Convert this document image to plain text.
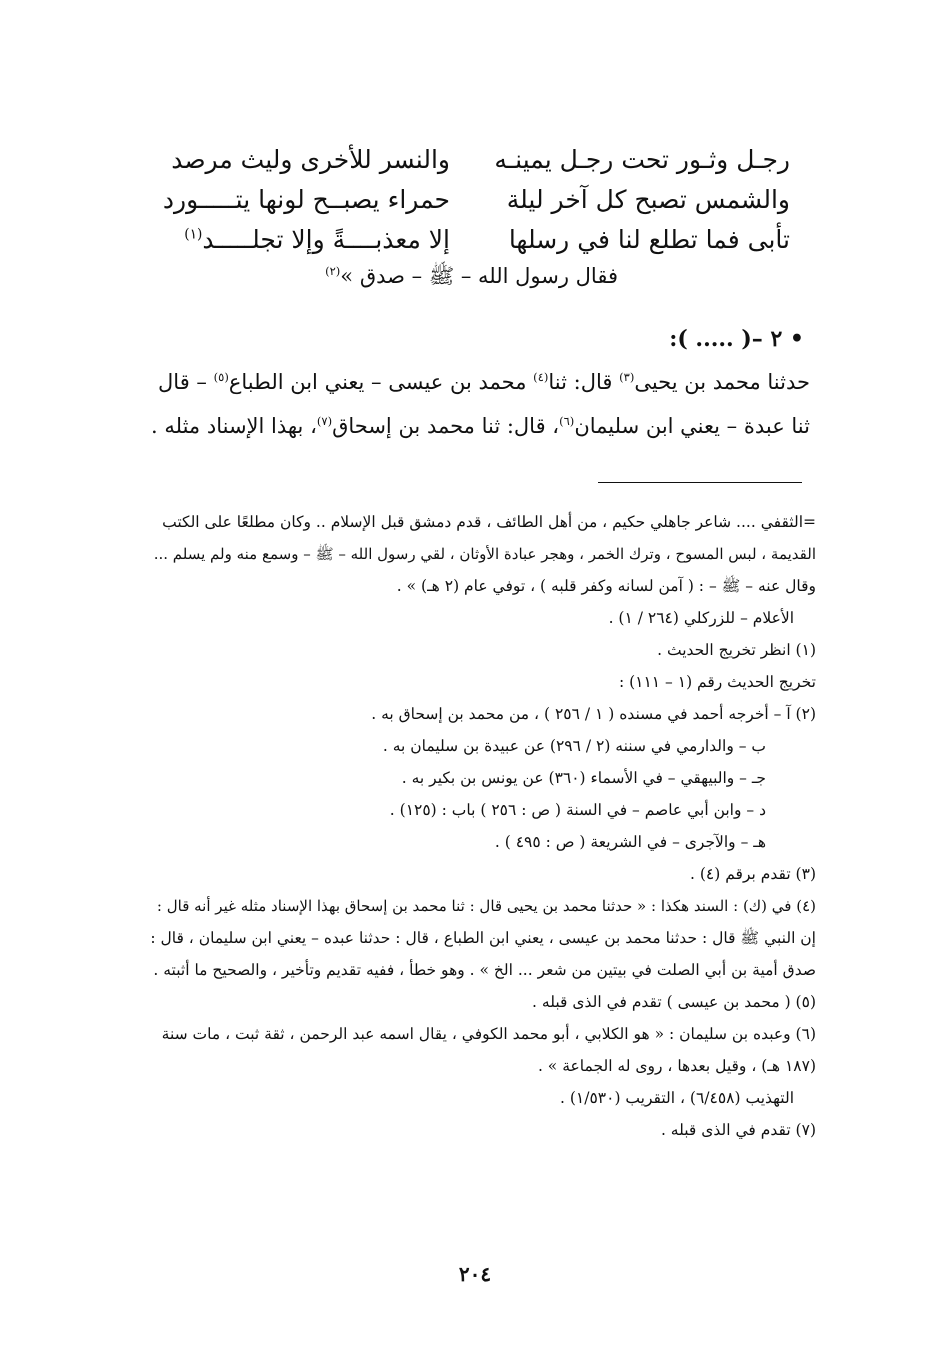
رجـل وثـور تحت رجـل يمينـه
والنسر للأخرى وليث مرصد
والشمس تصبح كل آخر ليلة
حمراء يصبــح لونها يتـــــورد
تأبى فما تطلع لنا في رسلها
إلا معذبــــةً وإلا تجلـــــد$^{(١)}$
فقال رسول الله – ﷺ – صدق »$^{(٢)}$
• ٢ –( ..... ):
حدثنا محمد بن يحيى$^{(٣)}$ قال: ثنا$^{(٤)}$ محمد بن عيسى – يعني ابن الطباع$^{(٥)}$ – قال
ثنا عبدة – يعني ابن سليمان$^{(٦)}$، قال: ثنا محمد بن إسحاق$^{(٧)}$، بهذا الإسناد مثله .
=الثقفي .... شاعر جاهلي حكيم ، من أهل الطائف ، قدم دمشق قبل الإسلام .. وكان مطلعًا على الكتب
القديمة ، لبس المسوح ، وترك الخمر ، وهجر عبادة الأوثان ، لقي رسول الله – ﷺ – وسمع منه ولم يسلم ...
وقال عنه – ﷺ – : ( آمن لسانه وكفر قلبه ) ، توفي عام (٢ هـ) » .
الأعلام – للزركلي (٢٦٤ / ١) .
(١) انظر تخريج الحديث .
تخريج الحديث رقم (١ – ١١١) :
(٢) آ – أخرجه أحمد في مسنده ( ١ / ٢٥٦ ) ، من محمد بن إسحاق به .
ب – والدارمي في سننه (٢ / ٢٩٦) عن عبيدة بن سليمان به .
جـ – والبيهقي – في الأسماء (٣٦٠) عن يونس بن بكير به .
د – وابن أبي عاصم – في السنة ( ص : ٢٥٦ ) باب : (١٢٥) .
هـ – والآجرى – في الشريعة ( ص : ٤٩٥ ) .
(٣) تقدم برقم (٤) .
(٤) في (ك) : السند هكذا : « حدثنا محمد بن يحيى قال : ثنا محمد بن إسحاق بهذا الإسناد مثله غير أنه قال :
إن النبي ﷺ قال : حدثنا محمد بن عيسى ، يعني ابن الطباع ، قال : حدثنا عبده – يعني ابن سليمان ، قال :
صدق أمية بن أبي الصلت في بيتين من شعر ... الخ » . وهو خطأ ، ففيه تقديم وتأخير ، والصحيح ما أثبته .
(٥) ( محمد بن عيسى ) تقدم في الذى قبله .
(٦) وعبده بن سليمان : « هو الكلابي ، أبو محمد الكوفي ، يقال اسمه عبد الرحمن ، ثقة ثبت ، مات سنة
(١٨٧ هـ) ، وقيل بعدها ، روى له الجماعة » .
التهذيب (٦/٤٥٨) ، التقريب (١/٥٣٠) .
(٧) تقدم في الذى قبله .
٢٠٤
